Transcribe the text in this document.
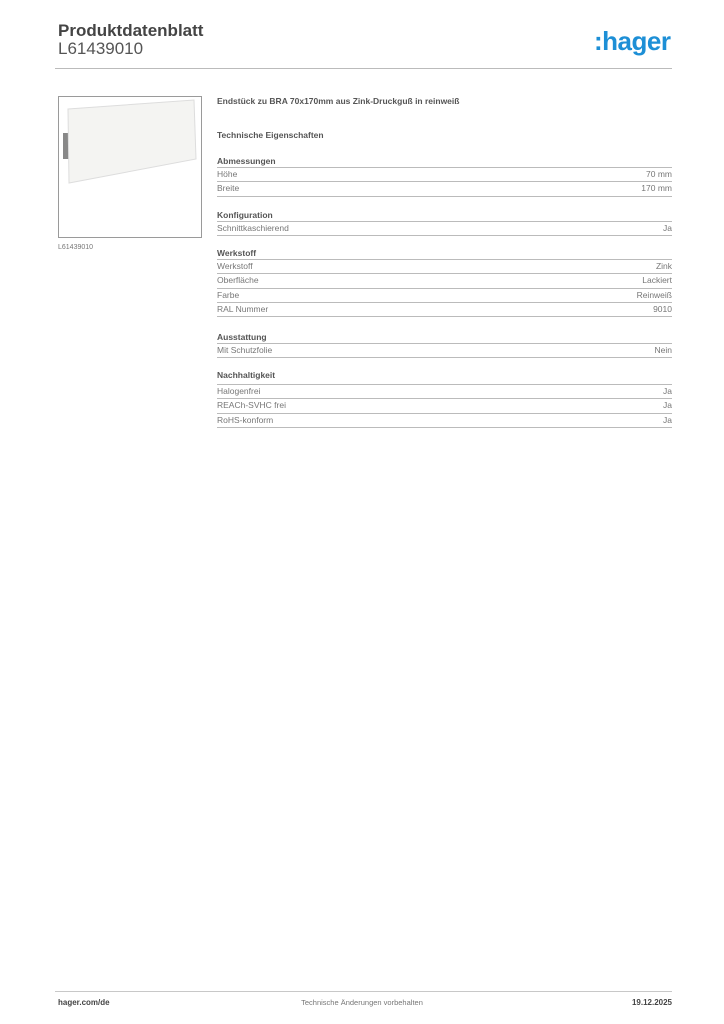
Produktdatenblatt
L61439010	:hager
L61439010
Endstück zu BRA 70x170mm aus Zink-Druckguß in reinweiß
Technische Eigenschaften
Abmessungen
Höhe	70 mm
Breite	170 mm
Konfiguration
Schnittkaschierend	Ja
Werkstoff
Werkstoff	Zink
Oberfläche	Lackiert
Farbe	Reinweiß
RAL Nummer	9010
Ausstattung
Mit Schutzfolie	Nein
Nachhaltigkeit
Halogenfrei	Ja
REACh-SVHC frei	Ja
RoHS-konform	Ja
Technische Änderungen vorbehalten
hager.com/de	19.12.2025
